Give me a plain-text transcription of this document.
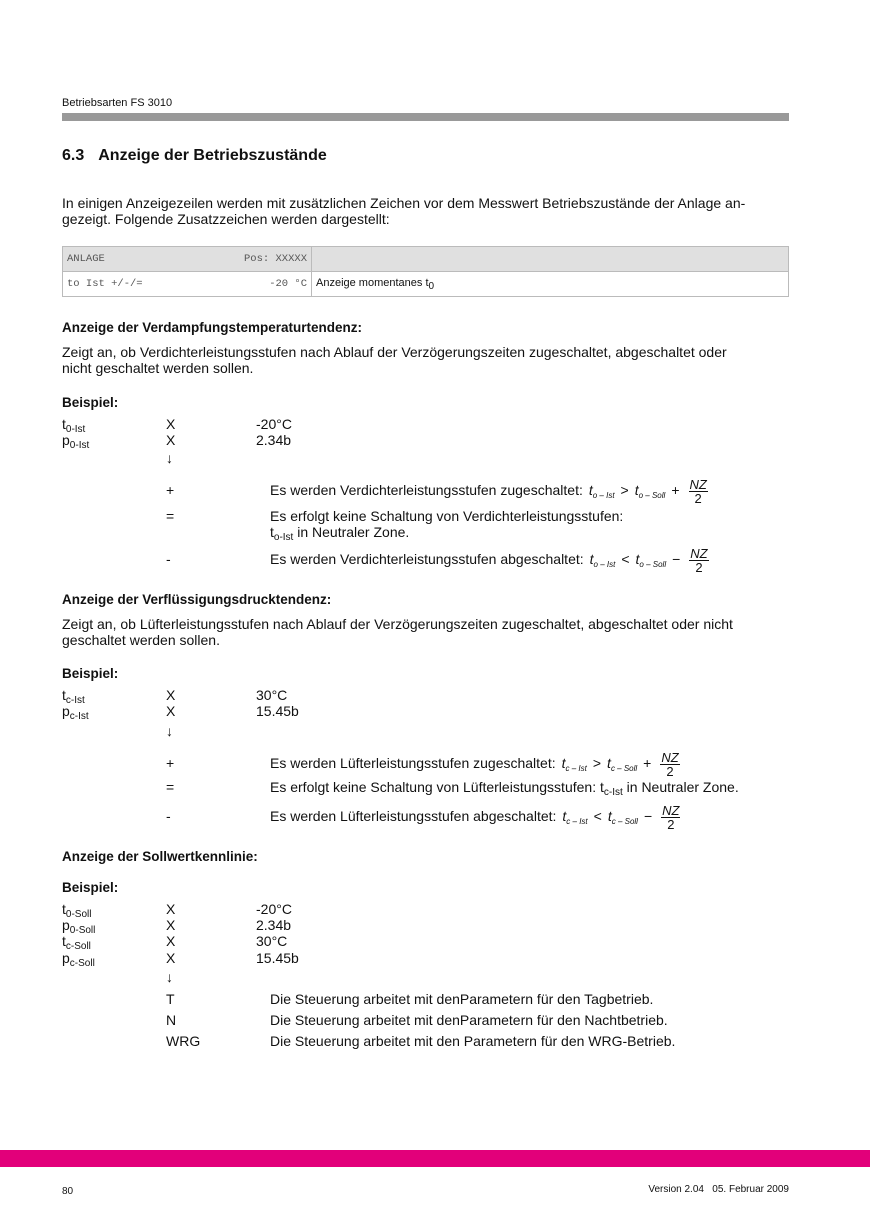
Betriebsarten FS 3010
6.3 Anzeige der Betriebszustände
In einigen Anzeigezeilen werden mit zusätzlichen Zeichen vor dem Messwert Betriebszustände der Anlage an-
gezeigt. Folgende Zusatzzeichen werden dargestellt:
ANLAGE Pos: XXXXX	

to Ist +/-/= -20 °C	Anzeige momentanes t0
Anzeige der Verdampfungstemperaturtendenz:
Zeigt an, ob Verdichterleistungsstufen nach Ablauf der Verzögerungszeiten zugeschaltet, abgeschaltet oder
nicht geschaltet werden sollen.
Beispiel:
$t_{0-Ist}$	X	-20°C
$p_{0-Ist}$	X	2.34b
↓
+	Es werden Verdichterleistungsstufen zugeschaltet: $t_{o - Ist} > t_{o - Soll} + \frac{NZ}{2}$
=	Es erfolgt keine Schaltung von Verdichterleistungsstufen:
$t_{o-Ist}$ in Neutraler Zone.
-	Es werden Verdichterleistungsstufen abgeschaltet: $t_{o - Ist} < t_{o - Soll} - \frac{NZ}{2}$
Anzeige der Verflüssigungsdrucktendenz:
Zeigt an, ob Lüfterleistungsstufen nach Ablauf der Verzögerungszeiten zugeschaltet, abgeschaltet oder nicht
geschaltet werden sollen.
Beispiel:
$t_{c-Ist}$	X	30°C
$p_{c-Ist}$	X	15.45b
↓
+	Es werden Lüfterleistungsstufen zugeschaltet: $t_{c - Ist} > t_{c - Soll} + \frac{NZ}{2}$
=	Es erfolgt keine Schaltung von Lüfterleistungsstufen: $t_{c-Ist}$ in Neutraler Zone.
-	Es werden Lüfterleistungsstufen abgeschaltet: $t_{c - Ist} < t_{c - Soll} - \frac{NZ}{2}$
Anzeige der Sollwertkennlinie:
Beispiel:
$t_{0-Soll}$	X	-20°C
$p_{0-Soll}$	X	2.34b
$t_{c-Soll}$	X	30°C
$p_{c-Soll}$	X	15.45b
↓
T	Die Steuerung arbeitet mit denParametern für den Tagbetrieb.
N	Die Steuerung arbeitet mit denParametern für den Nachtbetrieb.
WRG	Die Steuerung arbeitet mit den Parametern für den WRG-Betrieb.
80	Version 2.04   05. Februar 2009
